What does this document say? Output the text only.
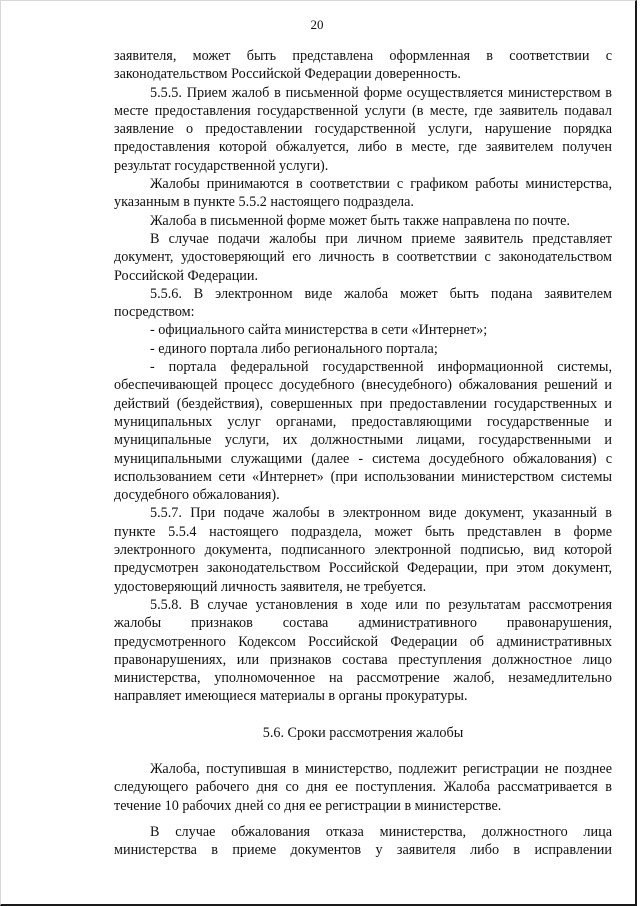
20

заявителя, может быть представлена оформленная в соответствии с законодательством Российской Федерации доверенность.

5.5.5. Прием жалоб в письменной форме осуществляется министерством в месте предоставления государственной услуги (в месте, где заявитель подавал заявление о предоставлении государственной услуги, нарушение порядка предоставления которой обжалуется, либо в месте, где заявителем получен результат государственной услуги).

Жалобы принимаются в соответствии с графиком работы министерства, указанным в пункте 5.5.2 настоящего подраздела.

Жалоба в письменной форме может быть также направлена по почте.

В случае подачи жалобы при личном приеме заявитель представляет документ, удостоверяющий его личность в соответствии с законодательством Российской Федерации.

5.5.6. В электронном виде жалоба может быть подана заявителем посредством:

- официального сайта министерства в сети «Интернет»;

- единого портала либо регионального портала;

- портала федеральной государственной информационной системы, обеспечивающей процесс досудебного (внесудебного) обжалования решений и действий (бездействия), совершенных при предоставлении государственных и муниципальных услуг органами, предоставляющими государственные и муниципальные услуги, их должностными лицами, государственными и муниципальными служащими (далее - система досудебного обжалования) с использованием сети «Интернет» (при использовании министерством системы досудебного обжалования).

5.5.7. При подаче жалобы в электронном виде документ, указанный в пункте 5.5.4 настоящего подраздела, может быть представлен в форме электронного документа, подписанного электронной подписью, вид которой предусмотрен законодательством Российской Федерации, при этом документ, удостоверяющий личность заявителя, не требуется.

5.5.8. В случае установления в ходе или по результатам рассмотрения жалобы признаков состава административного правонарушения, предусмотренного Кодексом Российской Федерации об административных правонарушениях, или признаков состава преступления должностное лицо министерства, уполномоченное на рассмотрение жалоб, незамедлительно направляет имеющиеся материалы в органы прокуратуры.

5.6. Сроки рассмотрения жалобы

Жалоба, поступившая в министерство, подлежит регистрации не позднее следующего рабочего дня со дня ее поступления. Жалоба рассматривается в течение 10 рабочих дней со дня ее регистрации в министерстве.

В случае обжалования отказа министерства, должностного лица министерства в приеме документов у заявителя либо в исправлении
